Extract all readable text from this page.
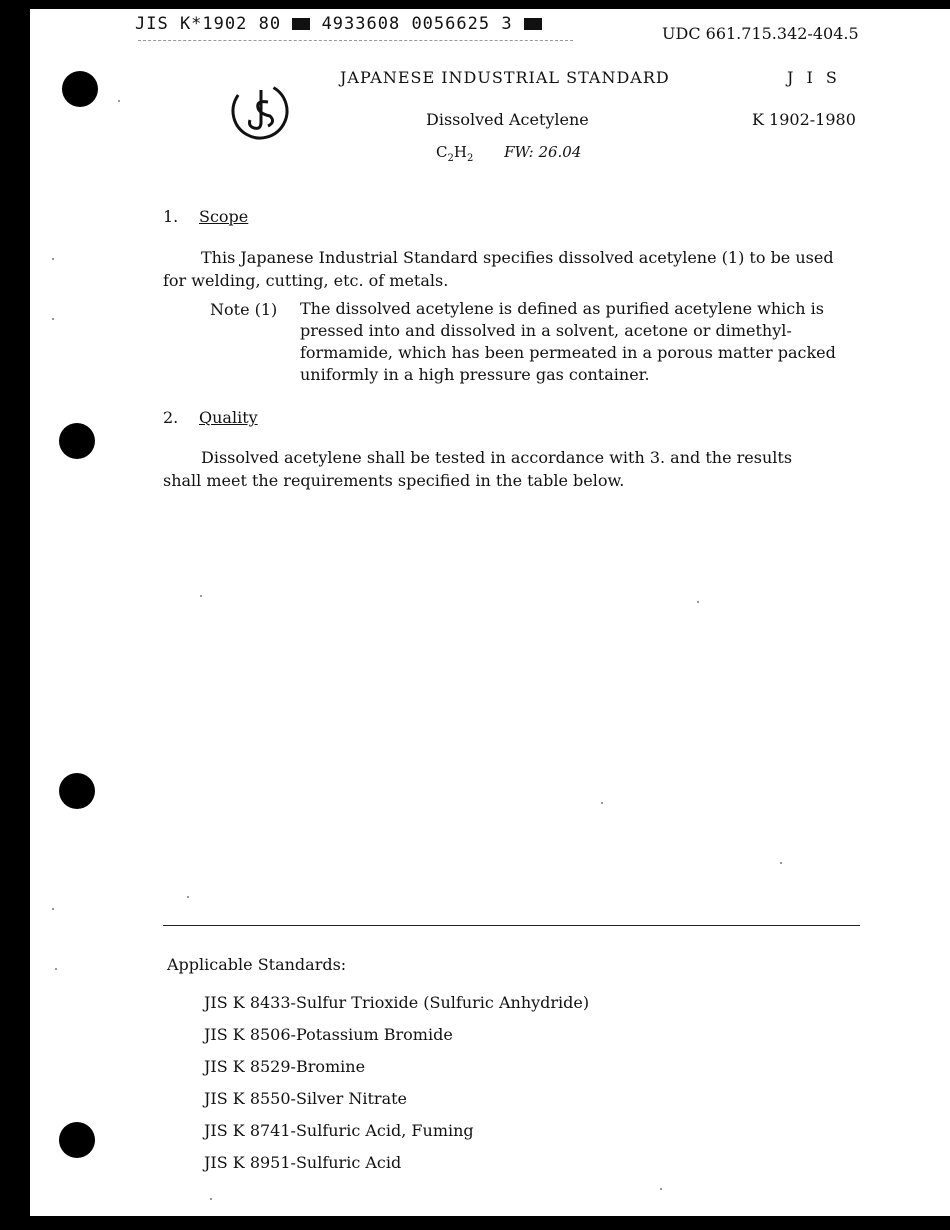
JIS K*1902 80 4933608 0056625 3	UDC 661.715.342-404.5
JAPANESE INDUSTRIAL STANDARD	J I S
Dissolved Acetylene	K 1902-1980
$C_2H_2$ FW: 26.04
1. Scope
This Japanese Industrial Standard specifies dissolved acetylene (1) to be used
for welding, cutting, etc. of metals.
Note (1) The dissolved acetylene is defined as purified acetylene which is pressed into and dissolved in a solvent, acetone or dimethyl-formamide, which has been permeated in a porous matter packed uniformly in a high pressure gas container.
2. Quality
Dissolved acetylene shall be tested in accordance with 3. and the results
shall meet the requirements specified in the table below.
Applicable Standards:
JIS K 8433-Sulfur Trioxide (Sulfuric Anhydride)
JIS K 8506-Potassium Bromide
JIS K 8529-Bromine
JIS K 8550-Silver Nitrate
JIS K 8741-Sulfuric Acid, Fuming
JIS K 8951-Sulfuric Acid
